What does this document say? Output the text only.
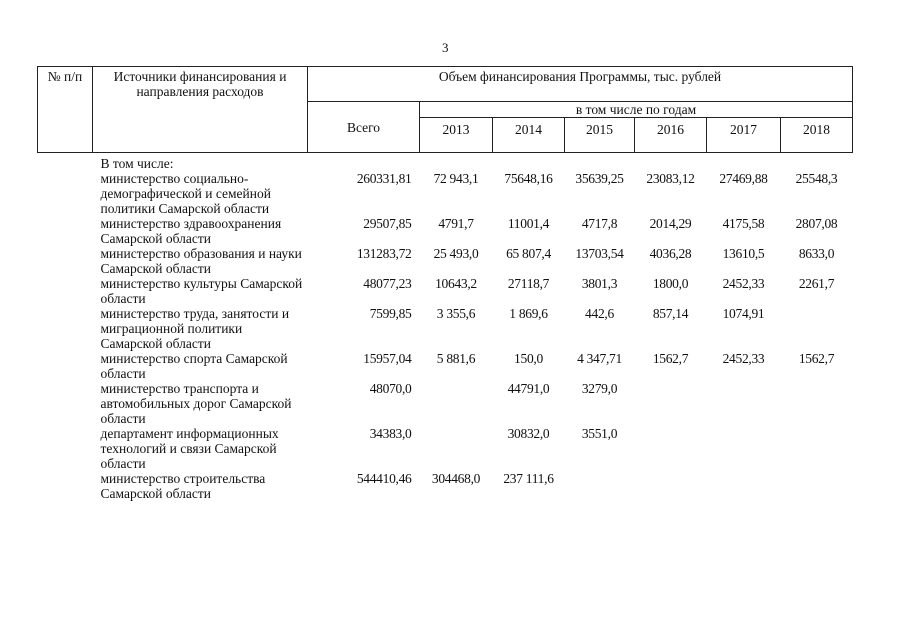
3
№ п/п	Источники финансирования и направления расходов	Объем финансирования Программы, тыс. рублей						
		Всего	в том числе по годам					
			2013	2014	2015	2016	2017	2018
	В том числе:							
	министерство социально-демографической и семейной политики Самарской области	260331,81	72 943,1	75648,16	35639,25	23083,12	27469,88	25548,3
	министерство здравоохранения Самарской области	29507,85	4791,7	11001,4	4717,8	2014,29	4175,58	2807,08
	министерство образования и науки Самарской области	131283,72	25 493,0	65 807,4	13703,54	4036,28	13610,5	8633,0
	министерство культуры Самарской области	48077,23	10643,2	27118,7	3801,3	1800,0	2452,33	2261,7
	министерство труда, занятости и миграционной политики Самарской области	7599,85	3 355,6	1 869,6	442,6	857,14	1074,91	
	министерство спорта Самарской области	15957,04	5 881,6	150,0	4 347,71	1562,7	2452,33	1562,7
	министерство транспорта и автомобильных дорог Самарской области	48070,0		44791,0	3279,0			
	департамент информационных технологий и связи Самарской области	34383,0		30832,0	3551,0			
	министерство строительства Самарской области	544410,46	304468,0	237 111,6				
